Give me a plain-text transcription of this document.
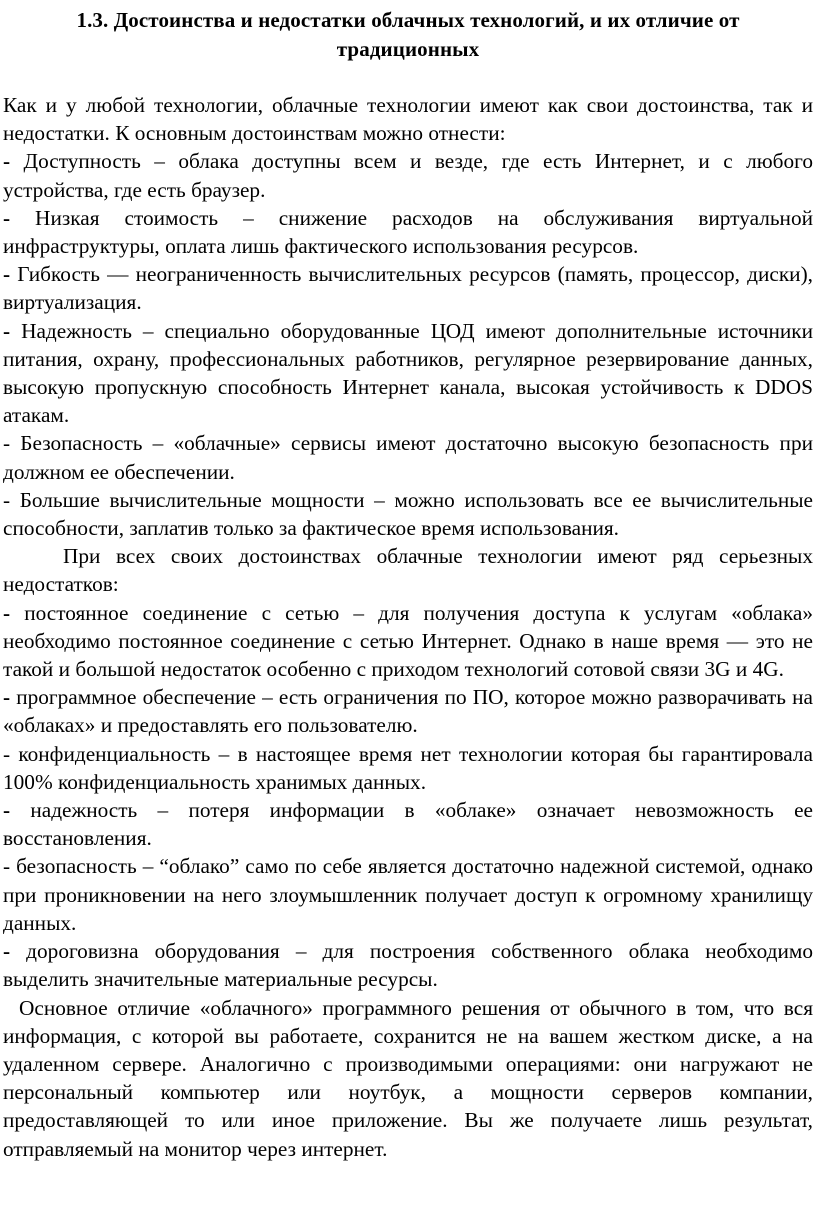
1.3. Достоинства и недостатки облачных технологий, и их отличие от традиционных

Как и у любой технологии, облачные технологии имеют как свои достоинства, так и недостатки. К основным достоинствам можно отнести:

- Доступность – облака доступны всем и везде, где есть Интернет, и с любого устройства, где есть браузер.

- Низкая стоимость – снижение расходов на обслуживания виртуальной инфраструктуры, оплата лишь фактического использования ресурсов.

- Гибкость — неограниченность вычислительных ресурсов (память, процессор, диски), виртуализация.

- Надежность – специально оборудованные ЦОД имеют дополнительные источники питания, охрану, профессиональных работников, регулярное резервирование данных, высокую пропускную способность Интернет канала, высокая устойчивость к DDOS атакам.

- Безопасность – «облачные» сервисы имеют достаточно высокую безопасность при должном ее обеспечении.

- Большие вычислительные мощности – можно использовать все ее вычислительные способности, заплатив только за фактическое время использования.

При всех своих достоинствах облачные технологии имеют ряд серьезных недостатков:

- постоянное соединение с сетью – для получения доступа к услугам «облака» необходимо постоянное соединение с сетью Интернет. Однако в наше время — это не такой и большой недостаток особенно с приходом технологий сотовой связи 3G и 4G.

- программное обеспечение – есть ограничения по ПО, которое можно разворачивать на «облаках» и предоставлять его пользователю.

- конфиденциальность – в настоящее время нет технологии которая бы гарантировала 100% конфиденциальность хранимых данных.

- надежность – потеря информации в «облаке» означает невозможность ее восстановления.

- безопасность – “облако” само по себе является достаточно надежной системой, однако при проникновении на него злоумышленник получает доступ к огромному хранилищу данных.

- дороговизна оборудования – для построения собственного облака необходимо выделить значительные материальные ресурсы.

Основное отличие «облачного» программного решения от обычного в том, что вся информация, с которой вы работаете, сохранится не на вашем жестком диске, а на удаленном сервере. Аналогично с производимыми операциями: они нагружают не персональный компьютер или ноутбук, а мощности серверов компании, предоставляющей то или иное приложение. Вы же получаете лишь результат, отправляемый на монитор через интернет.
